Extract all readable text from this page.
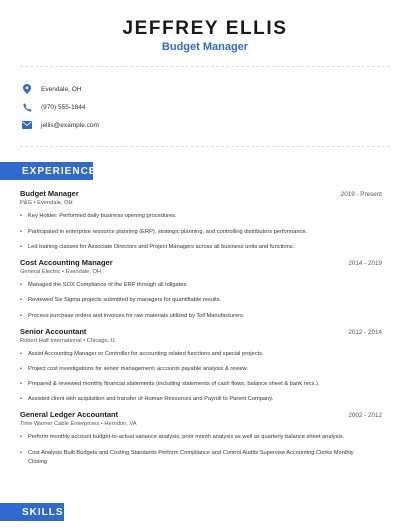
JEFFREY ELLIS
Budget Manager
Evendale, OH
(970) 555-1844
jellis@example.com
EXPERIENCE
Budget Manager	2019 - Present
P&G • Evendale, OH
•	Key Holder: Performed daily business opening procedures.
•	Participated in enterprise resource planning (ERP), strategic planning, and controlling distributors performance.
•	Led training classes for Associate Directors and Project Managers across all business units and functions.
Cost Accounting Manager	2014 - 2019
General Electric • Evendale, OH
•	Managed the SOX Compliance of the ERP through all tollgates.
•	Reviewed Six Sigma projects submitted by managers for quantifiable results.
•	Process purchase orders and invoices for raw materials utilized by Toll Manufacturers.
Senior Accountant	2012 - 2014
Robert Half International • Chicago, IL
•	Assist Accounting Manager or Controller for accounting related functions and special projects.
•	Project cost investigations for senior management; accounts payable analysis & review.
•	Prepared & reviewed monthly financial statements (including statements of cash flows, balance sheet & bank recs.).
•	Assisted client with acquisition and transfer of Human Resources and Payroll to Parent Company.
General Ledger Accountant	2002 - 2012
Time Warner Cable Enterprises • Herndon, VA
•	Perform monthly account budget-to-actual variance analysis, prior month analysis as well as quarterly balance sheet analysis.
•	Cost Analysis Built Budgets and Costing Standards Perform Compliance and Control Audits Supervise Accounting Clerks Monthly Closing
SKILLS
